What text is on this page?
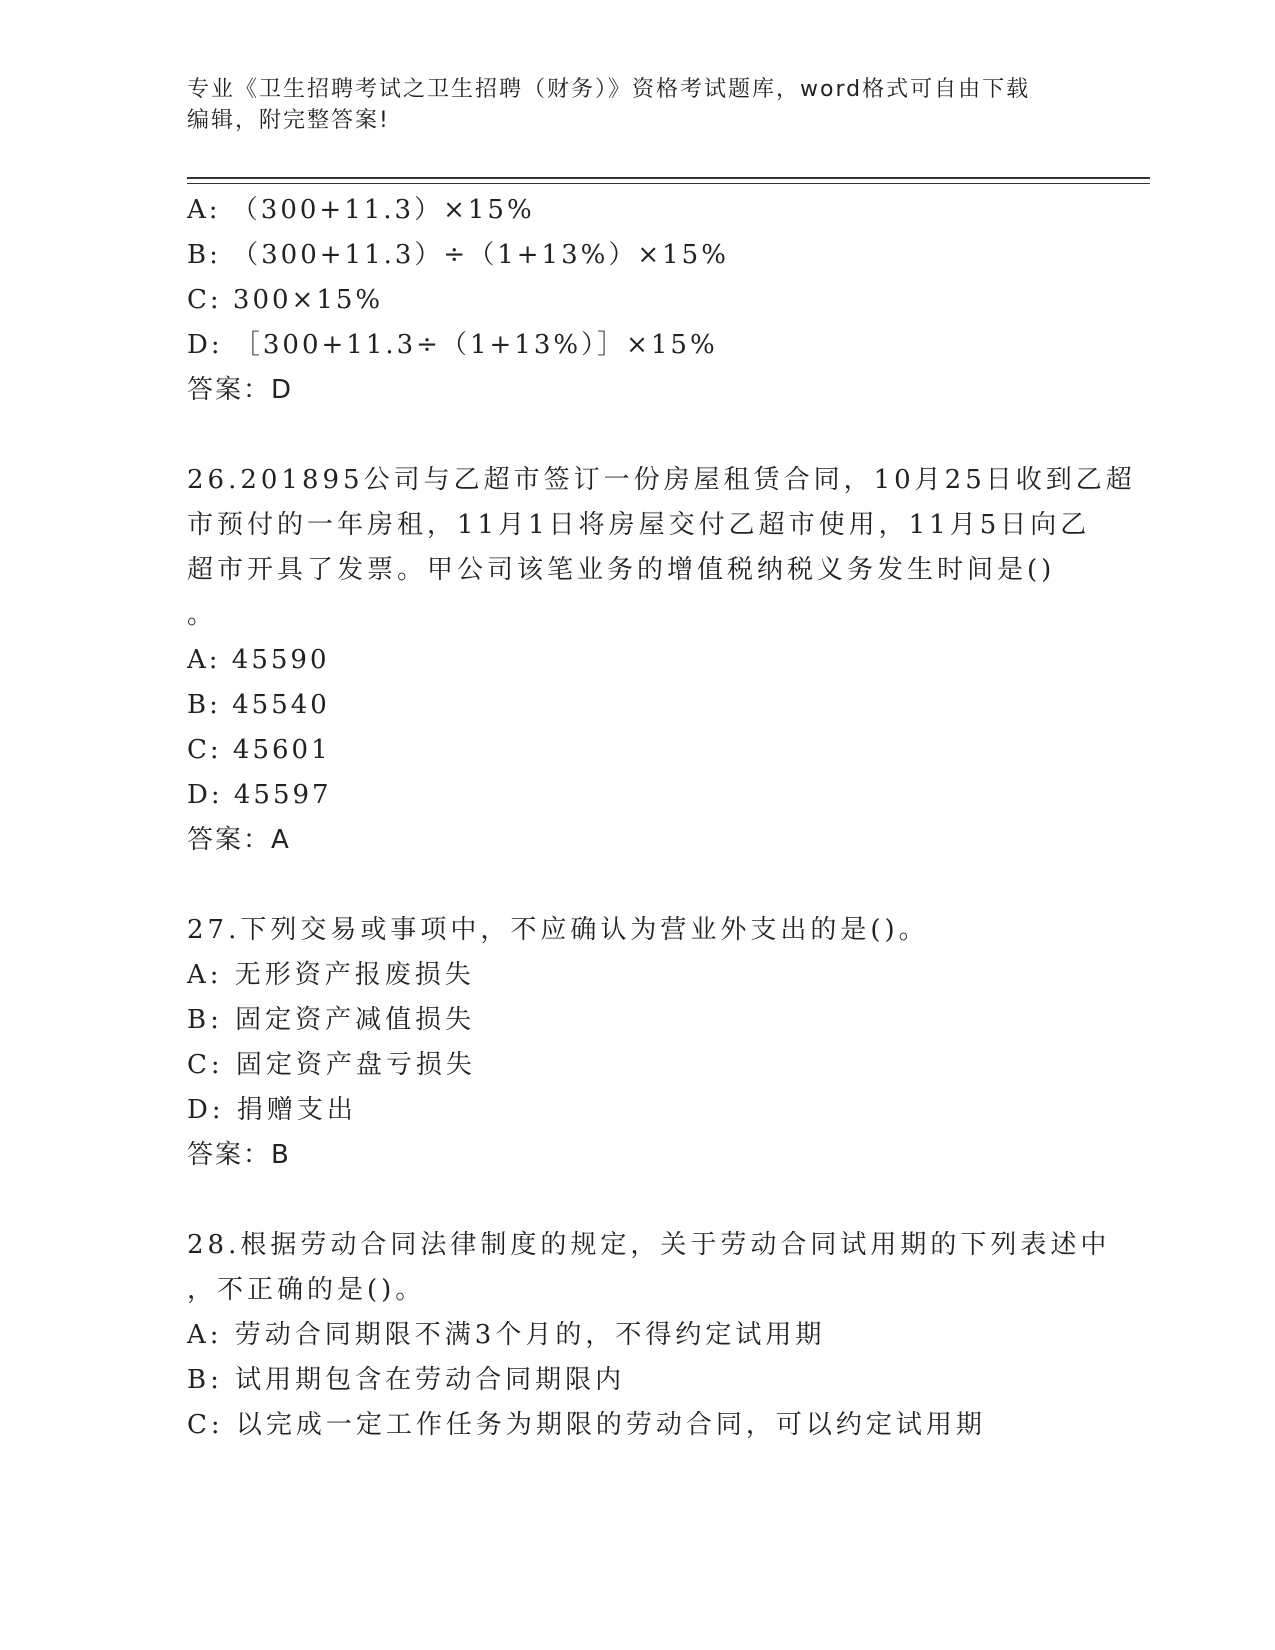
专业《卫生招聘考试之卫生招聘（财务）》资格考试题库，word格式可自由下载
编辑，附完整答案!
A: （300+11.3）×15%
B: （300+11.3）÷（1+13%）×15%
C: 300×15%
D: ［300+11.3÷（1+13%）］×15%
答案：D
26.201895公司与乙超市签订一份房屋租赁合同，10月25日收到乙超
市预付的一年房租，11月1日将房屋交付乙超市使用，11月5日向乙
超市开具了发票。甲公司该笔业务的增值税纳税义务发生时间是()
。
A: 45590
B: 45540
C: 45601
D: 45597
答案：A
27.下列交易或事项中，不应确认为营业外支出的是()。
A: 无形资产报废损失
B: 固定资产减值损失
C: 固定资产盘亏损失
D: 捐赠支出
答案：B
28.根据劳动合同法律制度的规定，关于劳动合同试用期的下列表述中
，不正确的是()。
A: 劳动合同期限不满3个月的，不得约定试用期
B: 试用期包含在劳动合同期限内
C: 以完成一定工作任务为期限的劳动合同，可以约定试用期
